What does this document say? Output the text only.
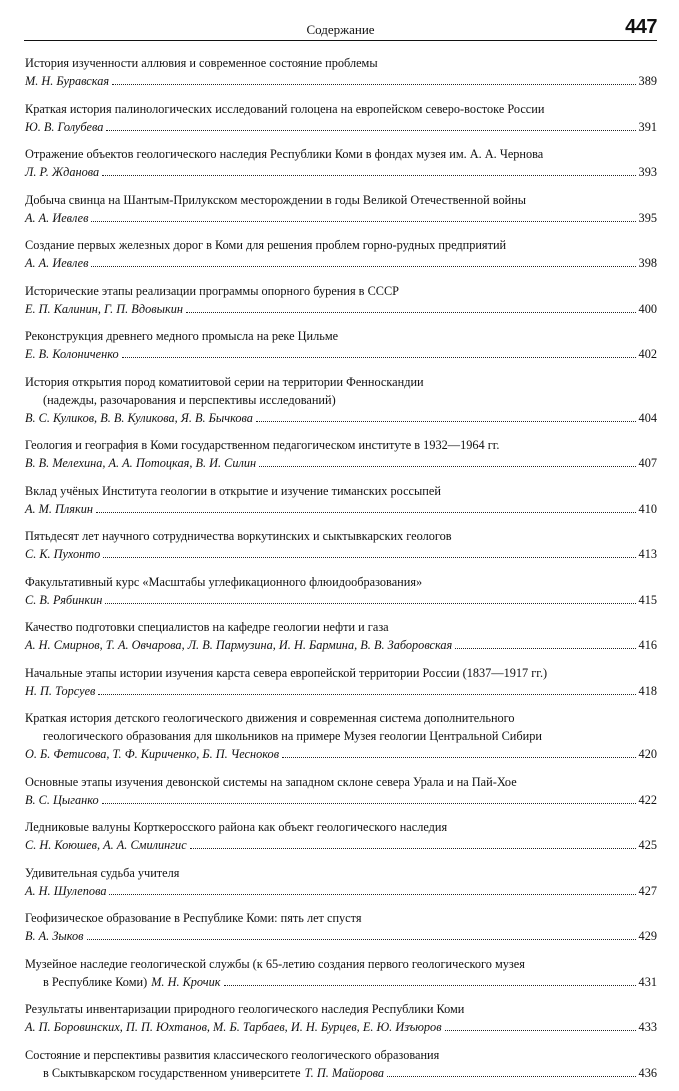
Содержание	447
История изученности аллювия и современное состояние проблемы
М. Н. Буравская	389
Краткая история палинологических исследований голоцена на европейском северо-востоке России
Ю. В. Голубева	391
Отражение объектов геологического наследия Республики Коми в фондах музея им. А. А. Чернова
Л. Р. Жданова	393
Добыча свинца на Шантым-Прилукском месторождении в годы Великой Отечественной войны
А. А. Иевлев	395
Создание первых железных дорог в Коми для решения проблем горно-рудных предприятий
А. А. Иевлев	398
Исторические этапы реализации программы опорного бурения в СССР
Е. П. Калинин, Г. П. Вдовыкин	400
Реконструкция древнего медного промысла на реке Цильме
Е. В. Колониченко	402
История открытия пород коматиитовой серии на территории Фенноскандии
(надежды, разочарования и перспективы исследований)
В. С. Куликов, В. В. Куликова, Я. В. Бычкова	404
Геология и география в Коми государственном педагогическом институте в 1932—1964 гг.
В. В. Мелехина, А. А. Потоцкая, В. И. Силин	407
Вклад учёных Института геологии в открытие и изучение тиманских россыпей
А. М. Плякин	410
Пятьдесят лет научного сотрудничества воркутинских и сыктывкарских геологов
С. К. Пухонто	413
Факультативный курс «Масштабы углефикационного флюидообразования»
С. В. Рябинкин	415
Качество подготовки специалистов на кафедре геологии нефти и газа
А. Н. Смирнов, Т. А. Овчарова, Л. В. Пармузина, И. Н. Бармина, В. В. Заборовская	416
Начальные этапы истории изучения карста севера европейской территории России (1837—1917 гг.)
Н. П. Торсуев	418
Краткая история детского геологического движения и современная система дополнительного
геологического образования для школьников на примере Музея геологии Центральной Сибири
О. Б. Фетисова, Т. Ф. Кириченко, Б. П. Чесноков	420
Основные этапы изучения девонской системы на западном склоне севера Урала и на Пай-Хое
В. С. Цыганко	422
Ледниковые валуны Корткеросского района как объект геологического наследия
С. Н. Коюшев, А. А. Смилингис	425
Удивительная судьба учителя
А. Н. Шулепова	427
Геофизическое образование в Республике Коми: пять лет спустя
В. А. Зыков	429
Музейное наследие геологической службы (к 65-летию создания первого геологического музея
в Республике Коми) М. Н. Крочик	431
Результаты инвентаризации природного геологического наследия Республики Коми
А. П. Боровинских, П. П. Юхтанов, М. Б. Тарбаев, И. Н. Бурцев, Е. Ю. Изъюров	433
Состояние и перспективы развития классического геологического образования
в Сыктывкарском государственном университете Т. П. Майорова	436
